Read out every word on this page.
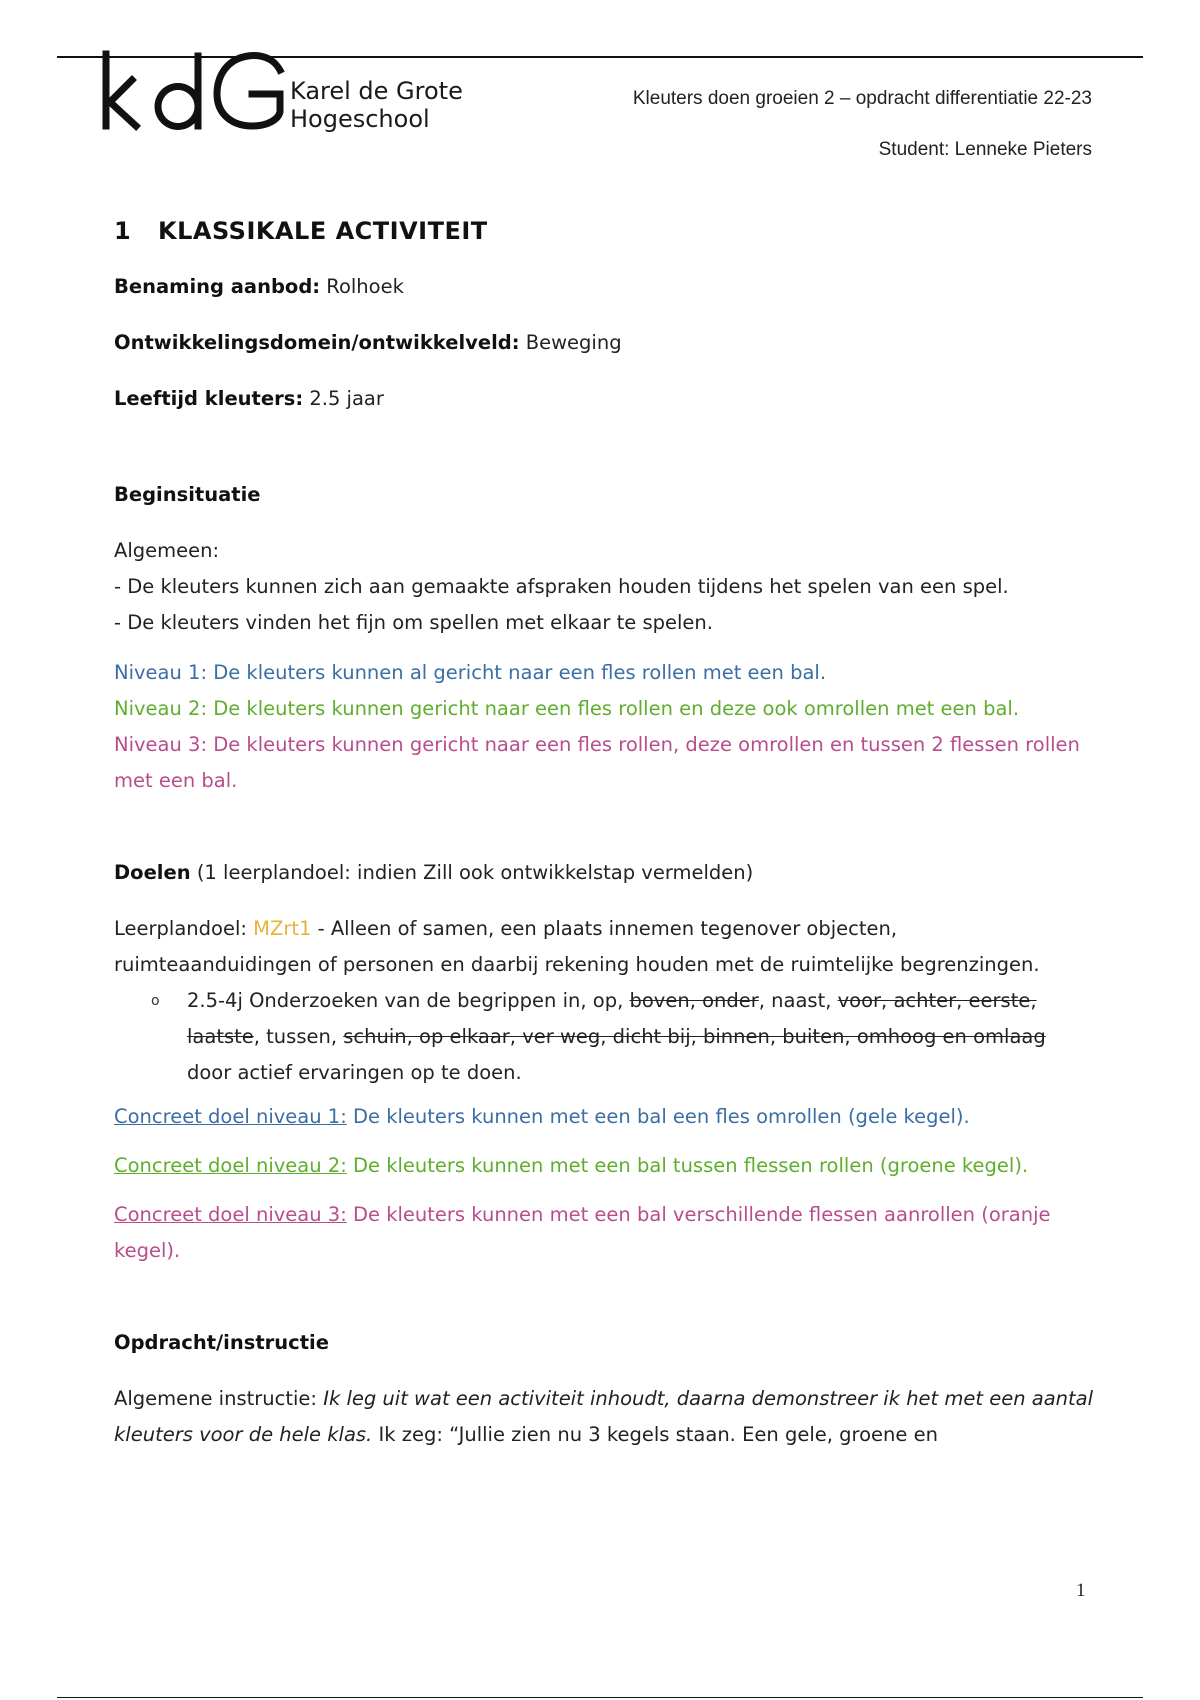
Karel de Grote
Hogeschool
Kleuters doen groeien 2 – opdracht differentiatie 22-23
Student: Lenneke Pieters

1 KLASSIKALE ACTIVITEIT

Benaming aanbod: Rolhoek

Ontwikkelingsdomein/ontwikkelveld: Beweging

Leeftijd kleuters: 2.5 jaar

Beginsituatie

Algemeen:

- De kleuters kunnen zich aan gemaakte afspraken houden tijdens het spelen van een spel.

- De kleuters vinden het fijn om spellen met elkaar te spelen.

Niveau 1: De kleuters kunnen al gericht naar een fles rollen met een bal.

Niveau 2: De kleuters kunnen gericht naar een fles rollen en deze ook omrollen met een bal.

Niveau 3: De kleuters kunnen gericht naar een fles rollen, deze omrollen en tussen 2 flessen rollen met een bal.

Doelen (1 leerplandoel: indien Zill ook ontwikkelstap vermelden)

Leerplandoel: MZrt1 - Alleen of samen, een plaats innemen tegenover objecten, ruimteaanduidingen of personen en daarbij rekening houden met de ruimtelijke begrenzingen.

o 2.5-4j Onderzoeken van de begrippen in, op, boven, onder, naast, voor, achter, eerste, laatste, tussen, schuin, op elkaar, ver weg, dicht bij, binnen, buiten, omhoog en omlaag door actief ervaringen op te doen.

Concreet doel niveau 1: De kleuters kunnen met een bal een fles omrollen (gele kegel).

Concreet doel niveau 2: De kleuters kunnen met een bal tussen flessen rollen (groene kegel).

Concreet doel niveau 3: De kleuters kunnen met een bal verschillende flessen aanrollen (oranje kegel).

Opdracht/instructie

Algemene instructie: Ik leg uit wat een activiteit inhoudt, daarna demonstreer ik het met een aantal kleuters voor de hele klas. Ik zeg: “Jullie zien nu 3 kegels staan. Een gele, groene en

1
